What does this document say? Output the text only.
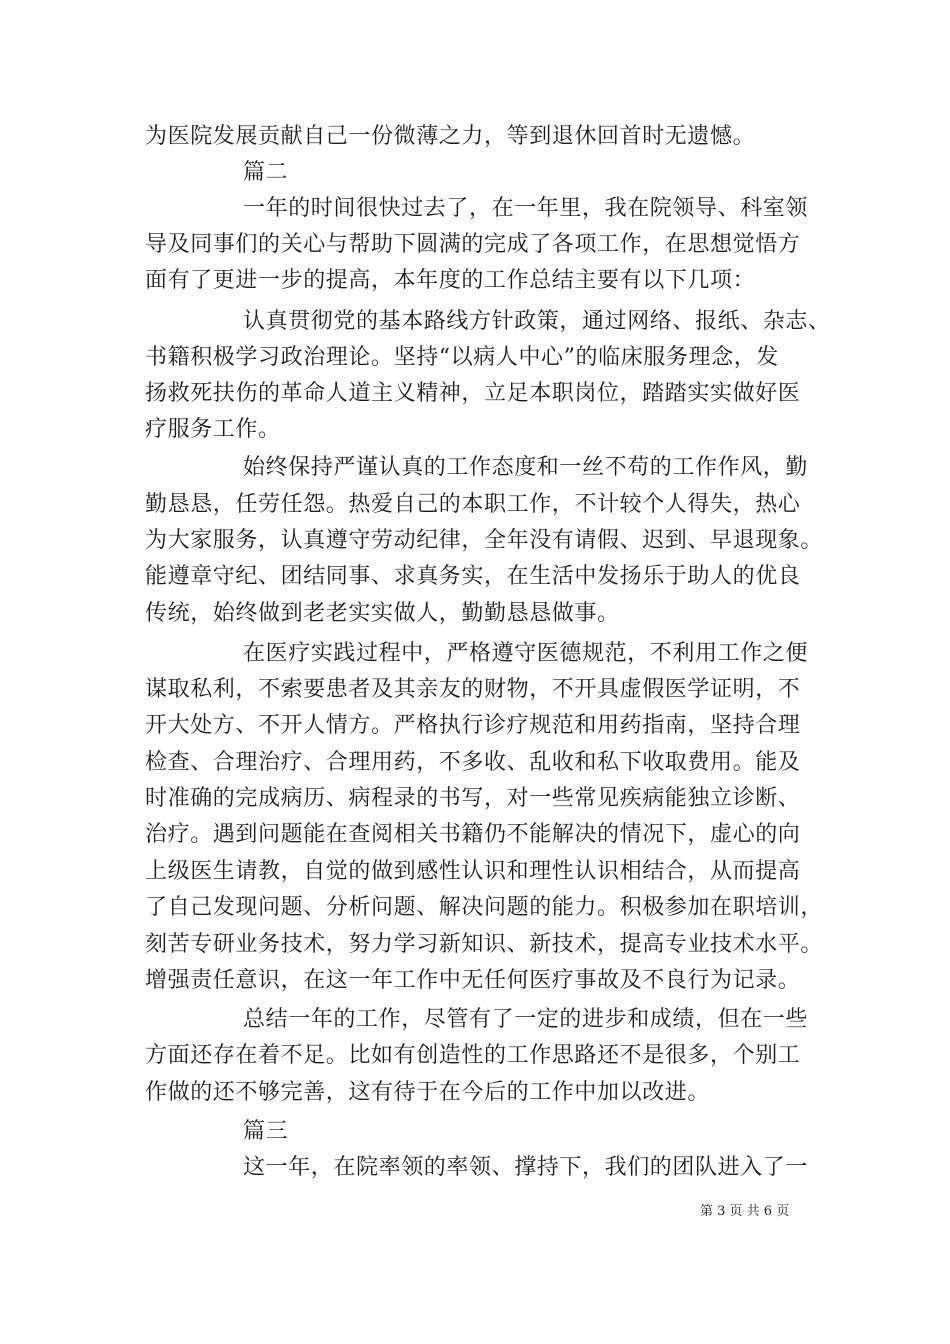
为医院发展贡献自己一份微薄之力，等到退休回首时无遗憾。
篇二
一年的时间很快过去了，在一年里，我在院领导、科室领
导及同事们的关心与帮助下圆满的完成了各项工作，在思想觉悟方
面有了更进一步的提高，本年度的工作总结主要有以下几项：
认真贯彻党的基本路线方针政策，通过网络、报纸、杂志、
书籍积极学习政治理论。坚持“以病人中心”的临床服务理念，发
扬救死扶伤的革命人道主义精神，立足本职岗位，踏踏实实做好医
疗服务工作。
始终保持严谨认真的工作态度和一丝不苟的工作作风，勤
勤恳恳，任劳任怨。热爱自己的本职工作，不计较个人得失，热心
为大家服务，认真遵守劳动纪律，全年没有请假、迟到、早退现象。
能遵章守纪、团结同事、求真务实，在生活中发扬乐于助人的优良
传统，始终做到老老实实做人，勤勤恳恳做事。
在医疗实践过程中，严格遵守医德规范，不利用工作之便
谋取私利，不索要患者及其亲友的财物，不开具虚假医学证明，不
开大处方、不开人情方。严格执行诊疗规范和用药指南，坚持合理
检查、合理治疗、合理用药，不多收、乱收和私下收取费用。能及
时准确的完成病历、病程录的书写，对一些常见疾病能独立诊断、
治疗。遇到问题能在查阅相关书籍仍不能解决的情况下，虚心的向
上级医生请教，自觉的做到感性认识和理性认识相结合，从而提高
了自己发现问题、分析问题、解决问题的能力。积极参加在职培训，
刻苦专研业务技术，努力学习新知识、新技术，提高专业技术水平。
增强责任意识，在这一年工作中无任何医疗事故及不良行为记录。
总结一年的工作，尽管有了一定的进步和成绩，但在一些
方面还存在着不足。比如有创造性的工作思路还不是很多，个别工
作做的还不够完善，这有待于在今后的工作中加以改进。
篇三
这一年，在院率领的率领、撑持下，我们的团队进入了一
第 3 页 共 6 页
